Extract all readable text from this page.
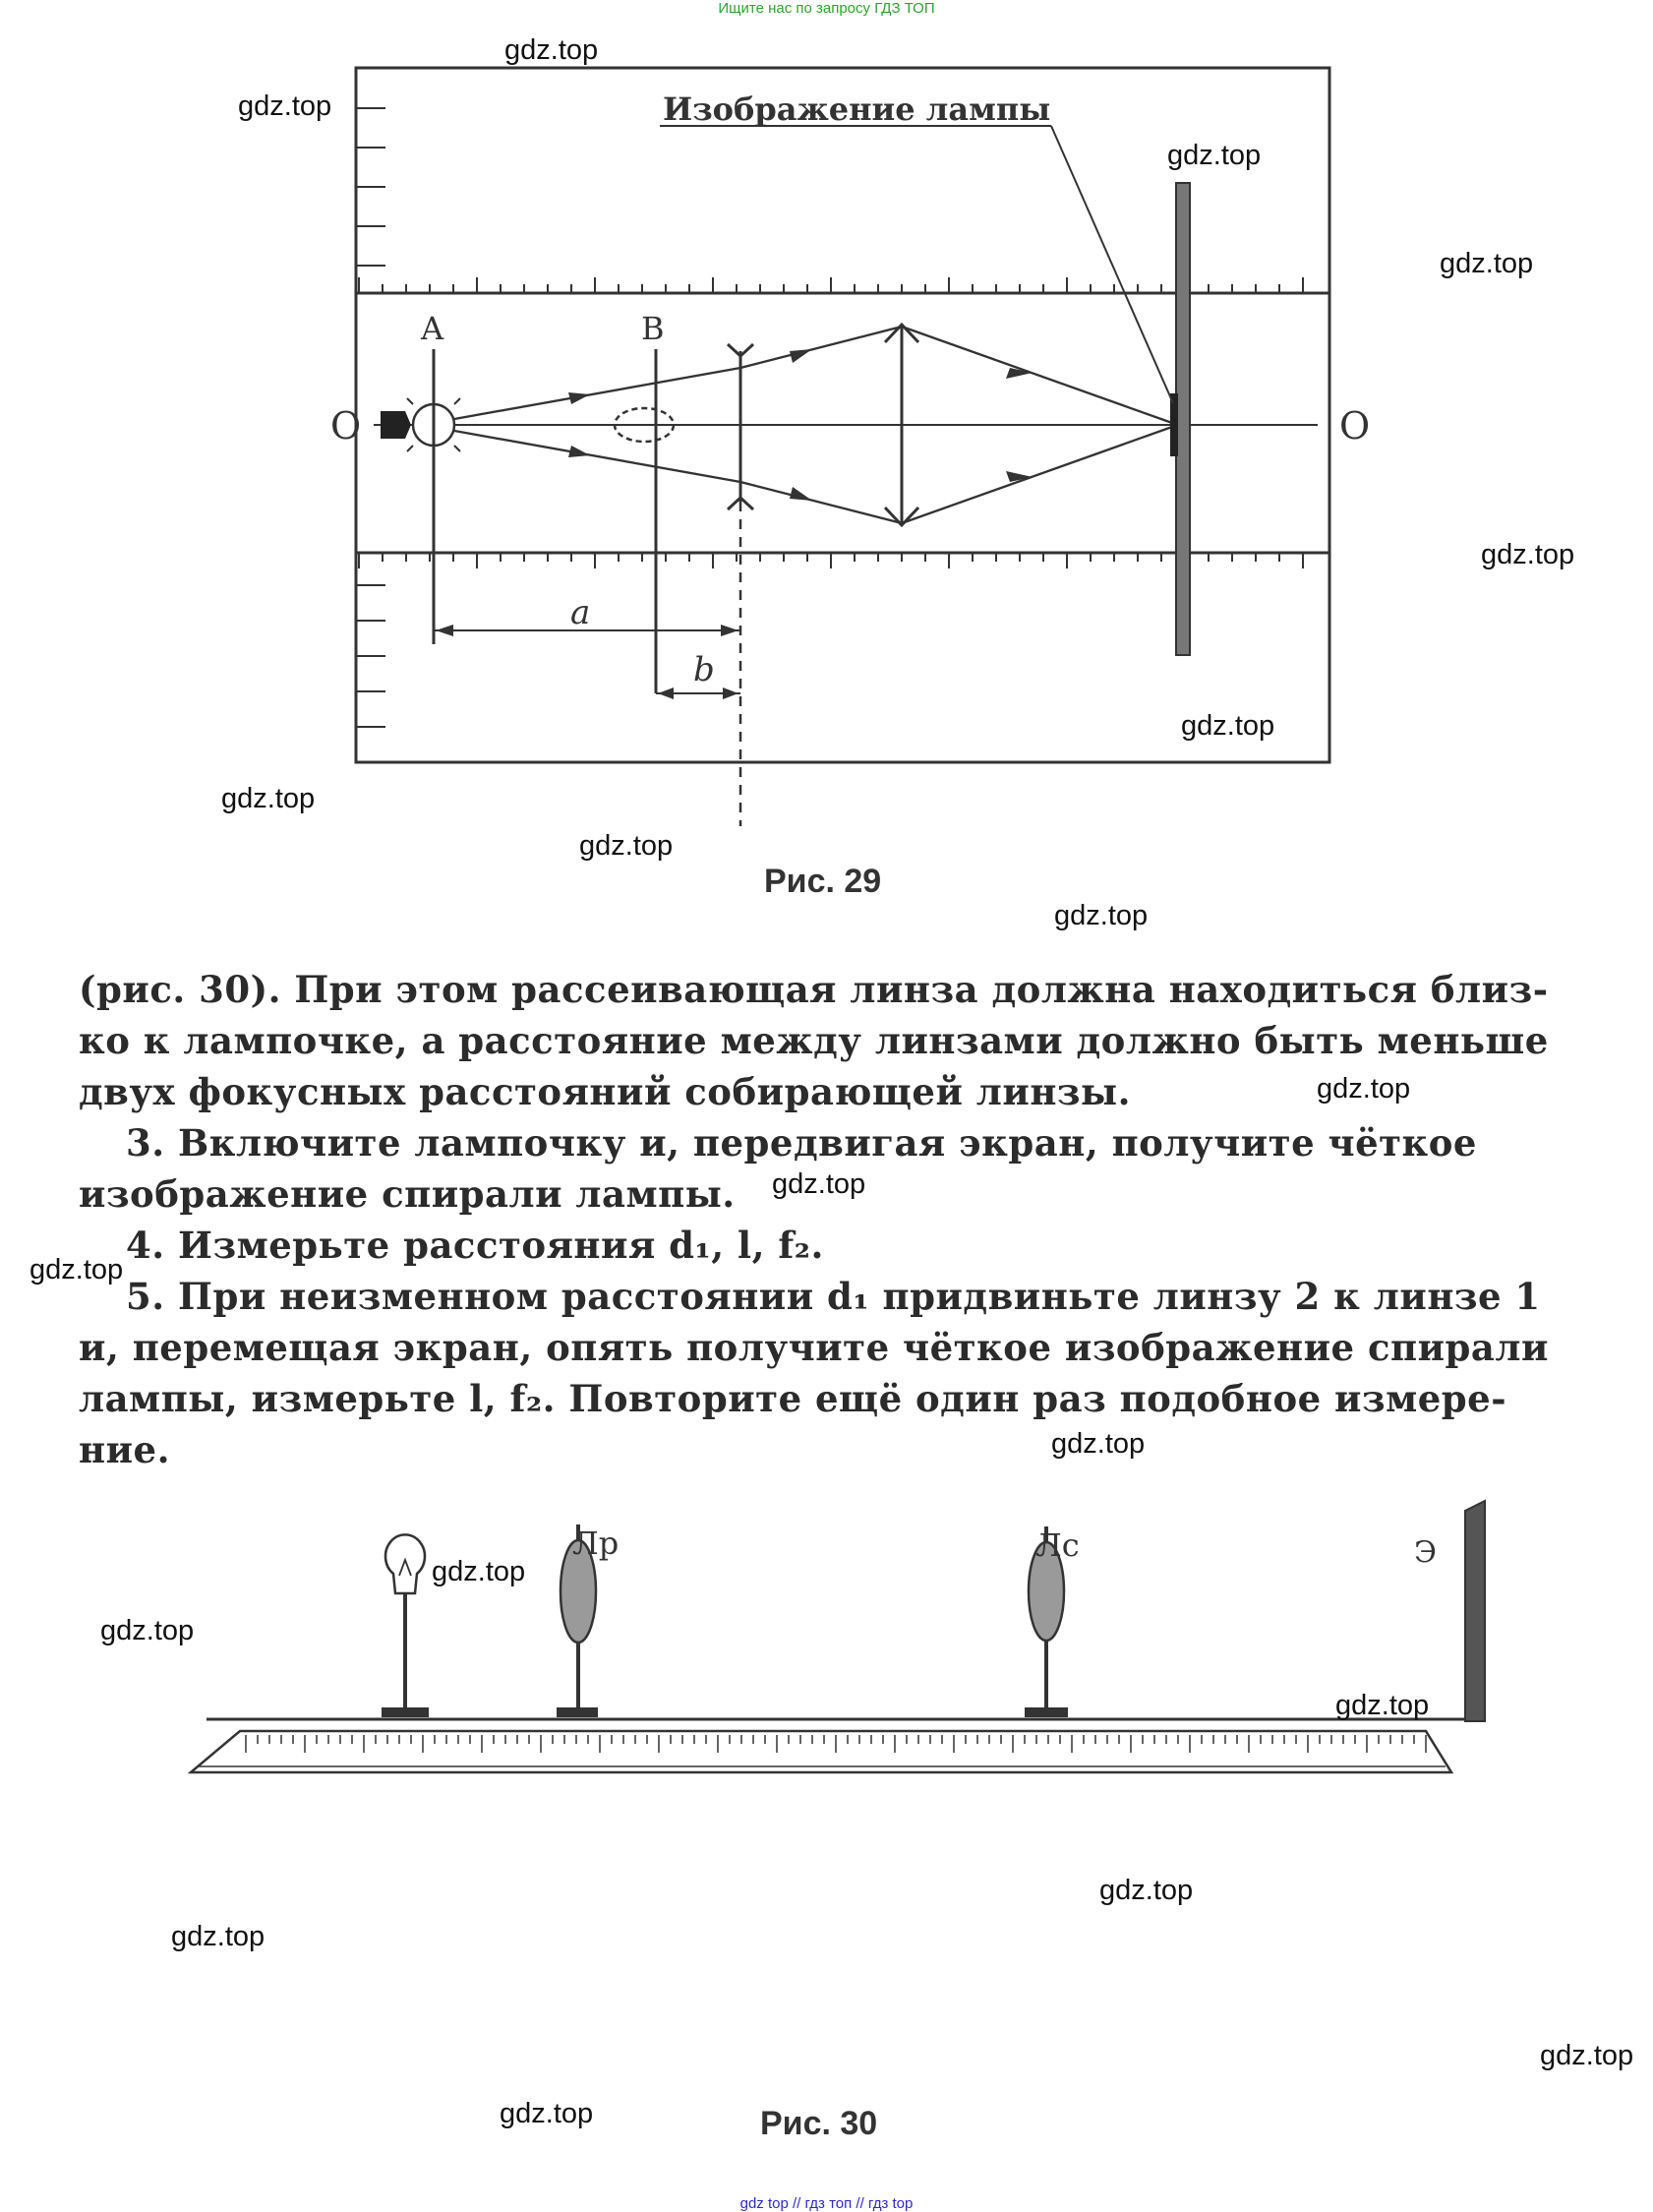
Ищите нас по запросу ГДЗ ТОП
O	O
A	B
Изображение лампы
a
b
Рис. 29
(рис. 30). При этом рассеивающая линза должна находиться близ-
ко к лампочке, а расстояние между линзами должно быть меньше
двух фокусных расстояний собирающей линзы.
3. Включите лампочку и, передвигая экран, получите чёткое
изображение спирали лампы.
4. Измерьте расстояния d₁, l, f₂.
5. При неизменном расстоянии d₁ придвиньте линзу 2 к линзе 1
и, перемещая экран, опять получите чёткое изображение спирали
лампы, измерьте l, f₂. Повторите ещё один раз подобное измере-
ние.
Э
Лр	Лс
Рис. 30
gdz.top
gdz.top
gdz.top
gdz.top
gdz.top
gdz.top
gdz.top
gdz.top
gdz.top
gdz.top
gdz.top
gdz.top
gdz.top
gdz.top
gdz.top
gdz.top
gdz.top
gdz.top
gdz.top
gdz.top
gdz top // гдз топ // гдз top
